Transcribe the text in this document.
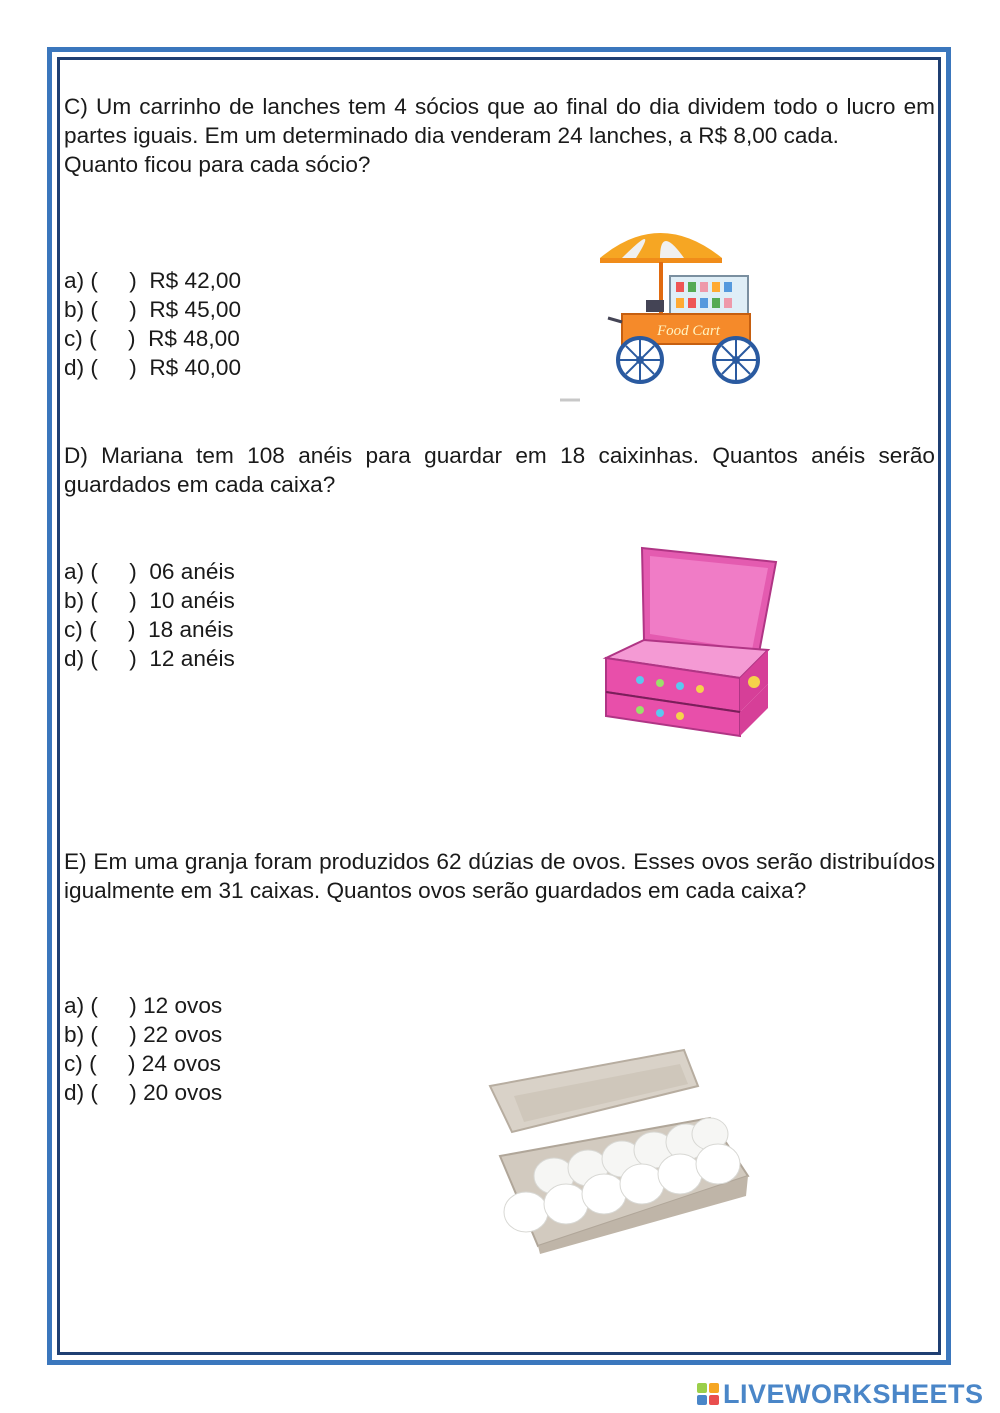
C) Um carrinho de lanches tem 4 sócios que ao final do dia dividem todo o lucro em partes iguais. Em um determinado dia venderam 24 lanches, a R$ 8,00 cada.

Quanto ficou para cada sócio?

a) (     )  R$ 42,00
b) (     )  R$ 45,00
c) (     )  R$ 48,00
d) (     )  R$ 40,00
Food Cart

D) Mariana tem 108 anéis para guardar em 18 caixinhas. Quantos anéis serão guardados em cada caixa?

a) (     )  06 anéis
b) (     )  10 anéis
c) (     )  18 anéis
d) (     )  12 anéis

E) Em uma granja foram produzidos 62 dúzias de ovos. Esses ovos serão distribuídos igualmente em 31 caixas. Quantos ovos serão guardados em cada caixa?

a) (     ) 12 ovos
b) (     ) 22 ovos
c) (     ) 24 ovos
d) (     ) 20 ovos
LIVEWORKSHEETS
